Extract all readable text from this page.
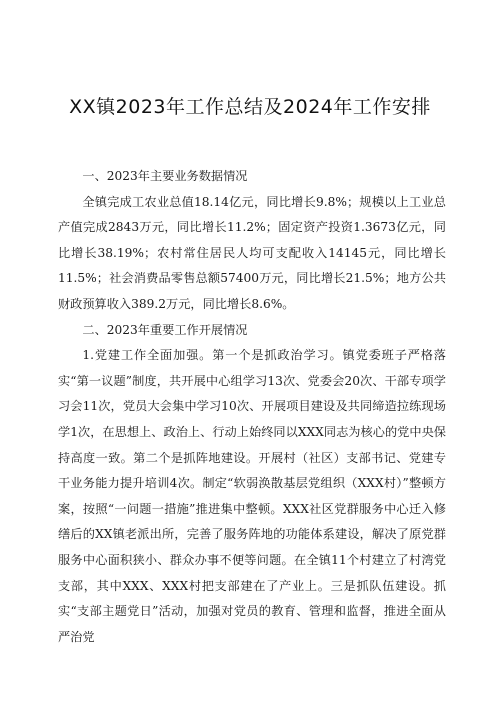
XX镇2023年工作总结及2024年工作安排

一、2023年主要业务数据情况

全镇完成工农业总值18.14亿元，同比增长9.8%；规模以上工业总产值完成2843万元，同比增长11.2%；固定资产投资1.3673亿元，同比增长38.19%；农村常住居民人均可支配收入14145元，同比增长11.5%；社会消费品零售总额57400万元，同比增长21.5%；地方公共财政预算收入389.2万元，同比增长8.6%。

二、2023年重要工作开展情况

1.党建工作全面加强。第一个是抓政治学习。镇党委班子严格落实“第一议题”制度，共开展中心组学习13次、党委会20次、干部专项学习会11次，党员大会集中学习10次、开展项目建设及共同缔造拉练现场学1次，在思想上、政治上、行动上始终同以XXX同志为核心的党中央保持高度一致。第二个是抓阵地建设。开展村（社区）支部书记、党建专干业务能力提升培训4次。制定“软弱涣散基层党组织（XXX村）”整顿方案，按照“一问题一措施”推进集中整顿。XXX社区党群服务中心迁入修缮后的XX镇老派出所，完善了服务阵地的功能体系建设，解决了原党群服务中心面积狭小、群众办事不便等问题。在全镇11个村建立了村湾党支部，其中XXX、XXX村把支部建在了产业上。三是抓队伍建设。抓实“支部主题党日”活动，加强对党员的教育、管理和监督，推进全面从严治党
